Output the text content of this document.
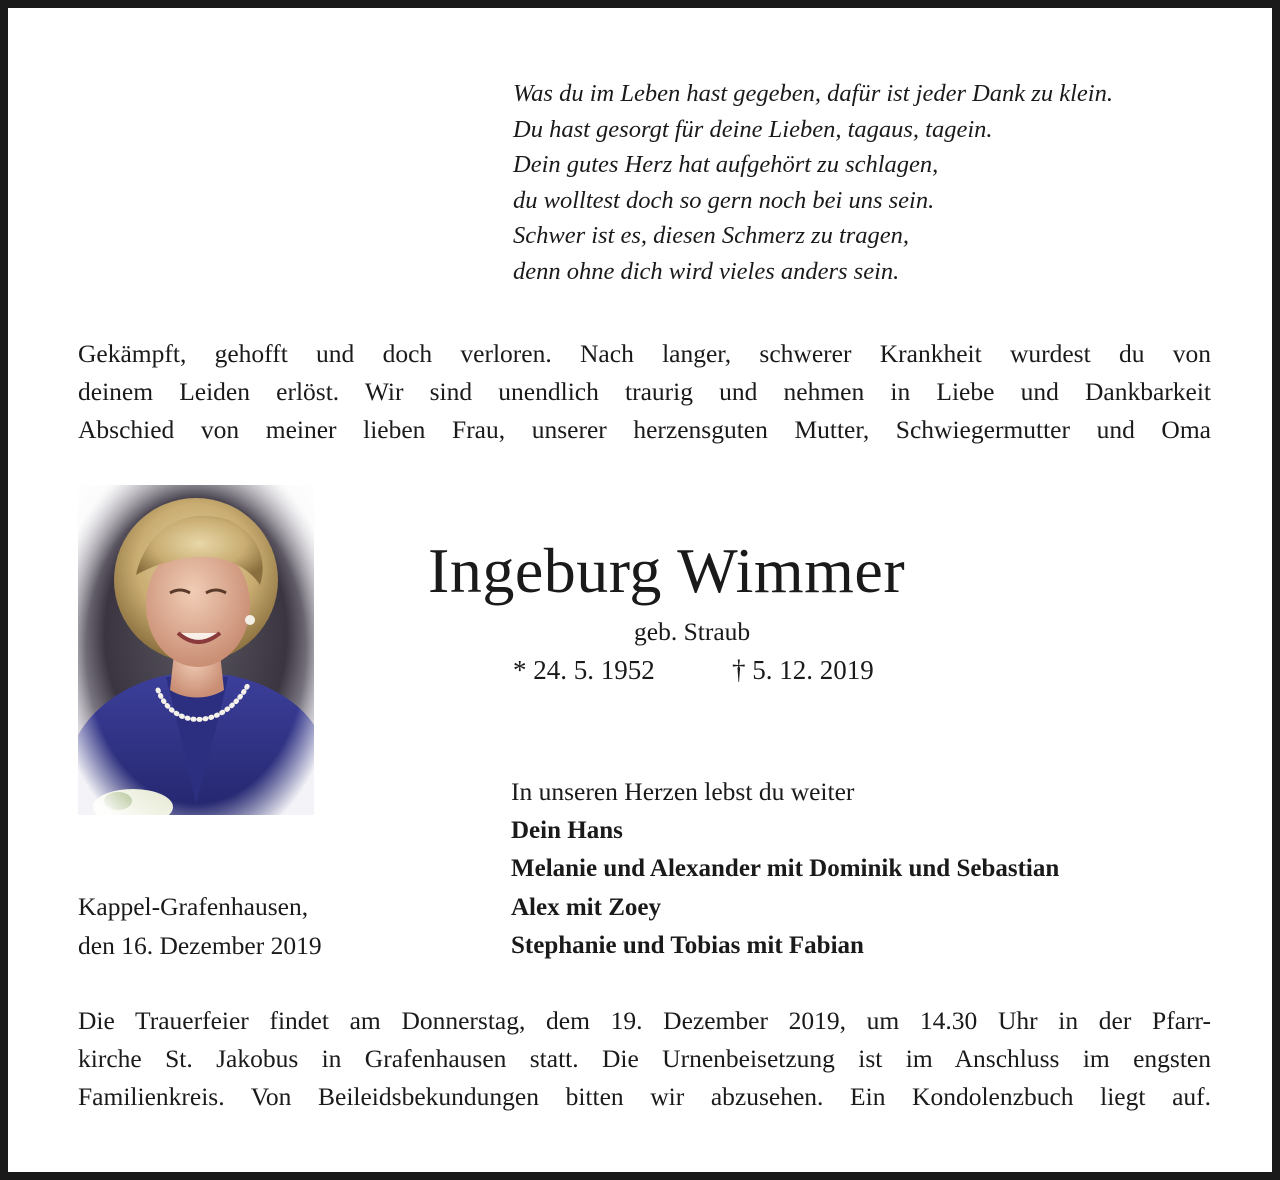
Was du im Leben hast gegeben, dafür ist jeder Dank zu klein.
Du hast gesorgt für deine Lieben, tagaus, tagein.
Dein gutes Herz hat aufgehört zu schlagen,
du wolltest doch so gern noch bei uns sein.
Schwer ist es, diesen Schmerz zu tragen,
denn ohne dich wird vieles anders sein.
Gekämpft, gehofft und doch verloren. Nach langer, schwerer Krankheit wurdest du von
deinem Leiden erlöst. Wir sind unendlich traurig und nehmen in Liebe und Dankbarkeit
Abschied von meiner lieben Frau, unserer herzensguten Mutter, Schwiegermutter und Oma
Ingeburg Wimmer
geb. Straub
* 24. 5. 1952	† 5. 12. 2019
In unseren Herzen lebst du weiter
Dein Hans
Melanie und Alexander mit Dominik und Sebastian
Alex mit Zoey
Stephanie und Tobias mit Fabian
Kappel-Grafenhausen,
den 16. Dezember 2019
Die Trauerfeier findet am Donnerstag, dem 19. Dezember 2019, um 14.30 Uhr in der Pfarr-
kirche St. Jakobus in Grafenhausen statt. Die Urnenbeisetzung ist im Anschluss im engsten
Familienkreis. Von Beileidsbekundungen bitten wir abzusehen. Ein Kondolenzbuch liegt auf.
